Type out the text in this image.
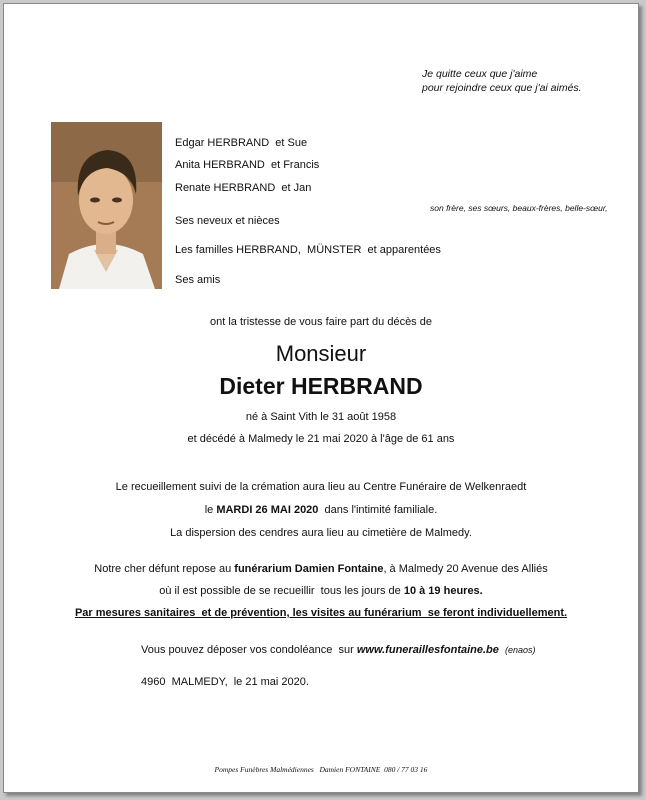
Je quitte ceux que j'aime
pour rejoindre ceux que j'ai aimés.
Edgar HERBRAND  et Sue
Anita HERBRAND  et Francis
Renate HERBRAND  et Jan
son frère, ses sœurs, beaux-frères, belle-sœur,
Ses neveux et nièces
Les familles HERBRAND,  MÜNSTER  et apparentées
Ses amis
ont la tristesse de vous faire part du décès de
Monsieur
Dieter HERBRAND
né à Saint Vith le 31 août 1958
et décédé à Malmedy le 21 mai 2020 à l'âge de 61 ans
Le recueillement suivi de la crémation aura lieu au Centre Funéraire de Welkenraedt
le MARDI 26 MAI 2020  dans l'intimité familiale.
La dispersion des cendres aura lieu au cimetière de Malmedy.
Notre cher défunt repose au funérarium Damien Fontaine, à Malmedy 20 Avenue des Alliés
où il est possible de se recueillir  tous les jours de 10 à 19 heures.
Par mesures sanitaires  et de prévention, les visites au funérarium  se feront individuellement.
Vous pouvez déposer vos condoléance  sur www.funeraillesfontaine.be (enaos)
4960  MALMEDY,  le 21 mai 2020.
Pompes Funèbres Malmédiennes   Damien FONTAINE  080 / 77 03 16
